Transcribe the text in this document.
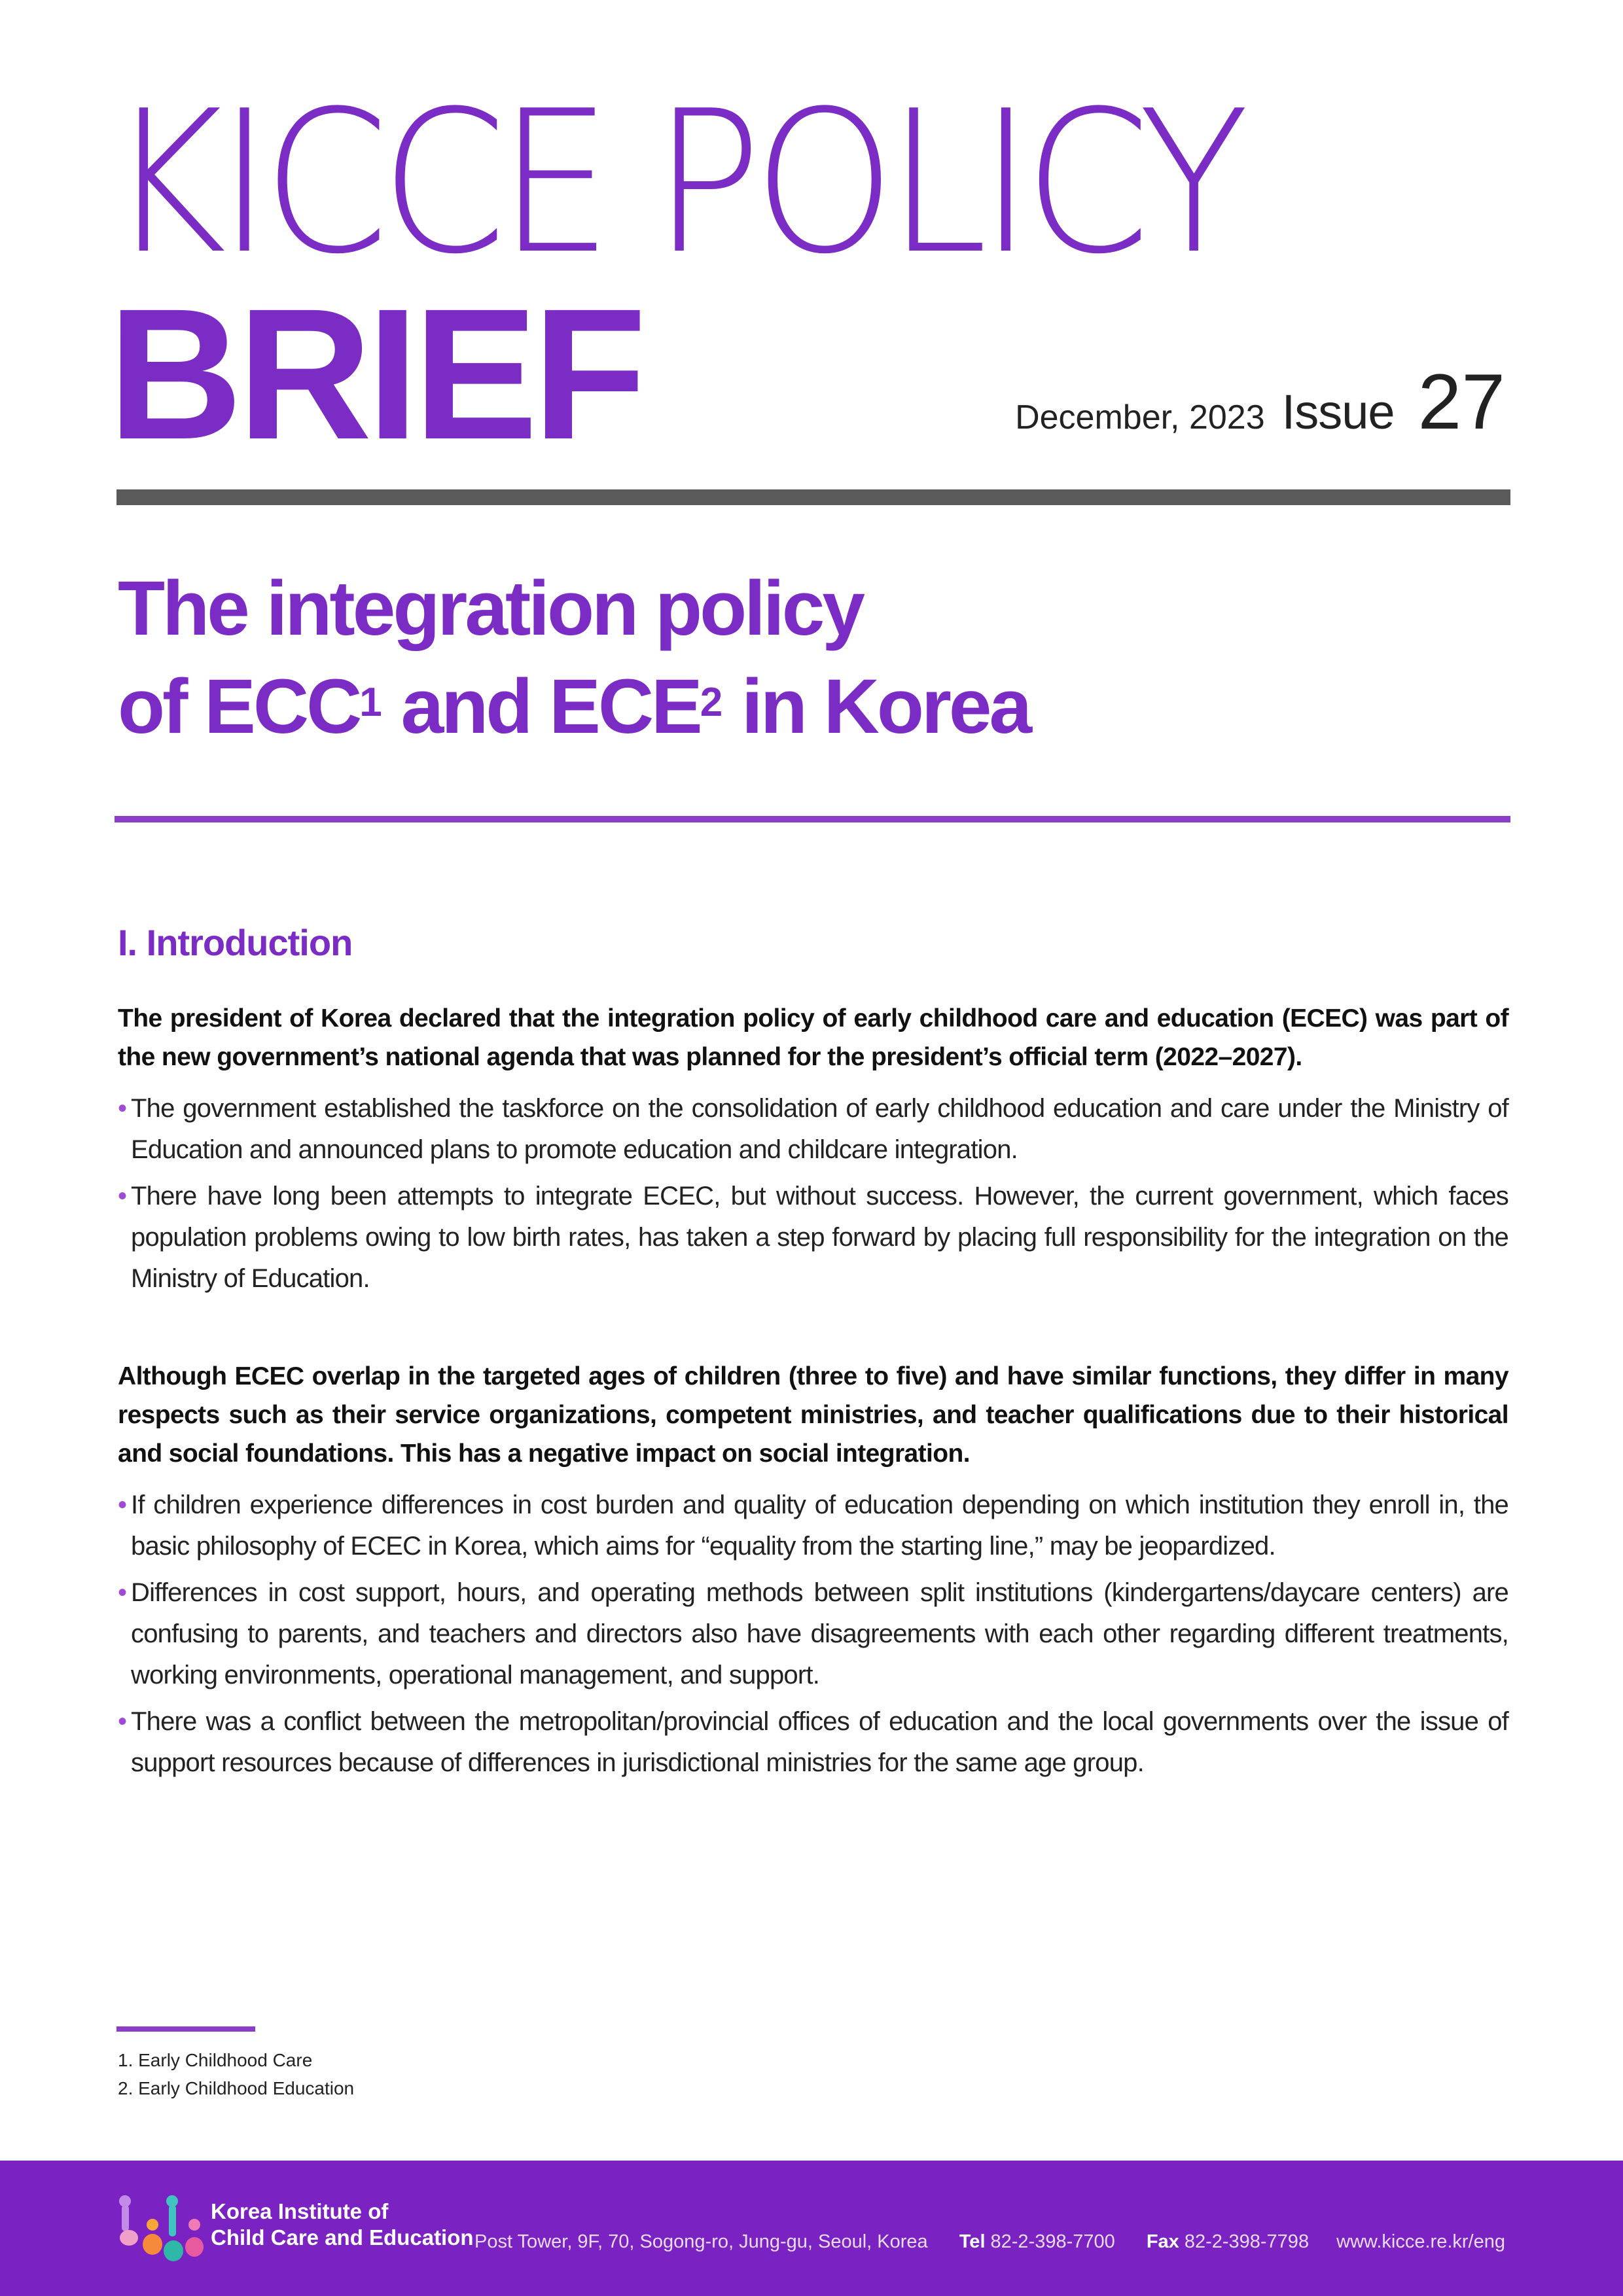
KICCE POLICY
BRIEF	December, 2023 Issue 27
The integration policy
of ECC$^1$ and ECE$^2$ in Korea
I. Introduction

The president of Korea declared that the integration policy of early childhood care and education (ECEC) was part of the new government’s national agenda that was planned for the president’s official term (2022–2027).

• The government established the taskforce on the consolidation of early childhood education and care under the Ministry of Education and announced plans to promote education and childcare integration.
• There have long been attempts to integrate ECEC, but without success. However, the current government, which faces population problems owing to low birth rates, has taken a step forward by placing full responsibility for the integration on the Ministry of Education.

Although ECEC overlap in the targeted ages of children (three to five) and have similar functions, they differ in many respects such as their service organizations, competent ministries, and teacher qualifications due to their historical and social foundations. This has a negative impact on social integration.

• If children experience differences in cost burden and quality of education depending on which institution they enroll in, the basic philosophy of ECEC in Korea, which aims for “equality from the starting line,” may be jeopardized.
• Differences in cost support, hours, and operating methods between split institutions (kindergartens/daycare centers) are confusing to parents, and teachers and directors also have disagreements with each other regarding different treatments, working environments, operational management, and support.
• There was a conflict between the metropolitan/provincial offices of education and the local governments over the issue of support resources because of differences in jurisdictional ministries for the same age group.
1. Early Childhood Care
2. Early Childhood Education
Korea Institute of
Child Care and Education Post Tower, 9F, 70, Sogong-ro, Jung-gu, Seoul, Korea Tel 82-2-398-7700 Fax 82-2-398-7798 www.kicce.re.kr/eng
